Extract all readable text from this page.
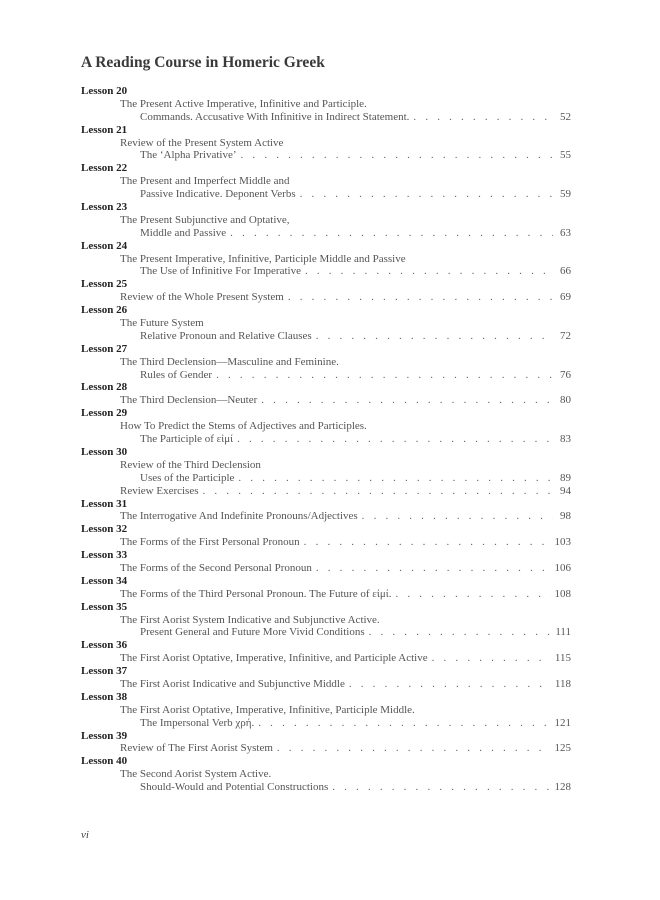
A Reading Course in Homeric Greek
Lesson 20
The Present Active Imperative, Infinitive and Participle.
Commands. Accusative With Infinitive in Indirect Statement. . . .	52
Lesson 21
Review of the Present System Active
The ‘Alpha Privative’ . . .	55
Lesson 22
The Present and Imperfect Middle and
Passive Indicative. Deponent Verbs . . .	59
Lesson 23
The Present Subjunctive and Optative,
Middle and Passive . . .	63
Lesson 24
The Present Imperative, Infinitive, Participle Middle and Passive
The Use of Infinitive For Imperative . . .	66
Lesson 25
Review of the Whole Present System . . .	69
Lesson 26
The Future System
Relative Pronoun and Relative Clauses . . .	72
Lesson 27
The Third Declension—Masculine and Feminine.
Rules of Gender . . .	76
Lesson 28
The Third Declension—Neuter . . .	80
Lesson 29
How To Predict the Stems of Adjectives and Participles.
The Participle of εἰμί . . .	83
Lesson 30
Review of the Third Declension
Uses of the Participle . . .	89
Review Exercises . . .	94
Lesson 31
The Interrogative And Indefinite Pronouns/Adjectives . . .	98
Lesson 32
The Forms of the First Personal Pronoun . . .	103
Lesson 33
The Forms of the Second Personal Pronoun . . .	106
Lesson 34
The Forms of the Third Personal Pronoun. The Future of εἰμί. . . .	108
Lesson 35
The First Aorist System Indicative and Subjunctive Active.
Present General and Future More Vivid Conditions . . .	111
Lesson 36
The First Aorist Optative, Imperative, Infinitive, and Participle Active . . .	115
Lesson 37
The First Aorist Indicative and Subjunctive Middle . . .	118
Lesson 38
The First Aorist Optative, Imperative, Infinitive, Participle Middle.
The Impersonal Verb χρή. . . .	121
Lesson 39
Review of The First Aorist System . . .	125
Lesson 40
The Second Aorist System Active.
Should-Would and Potential Constructions . . .	128
vi
